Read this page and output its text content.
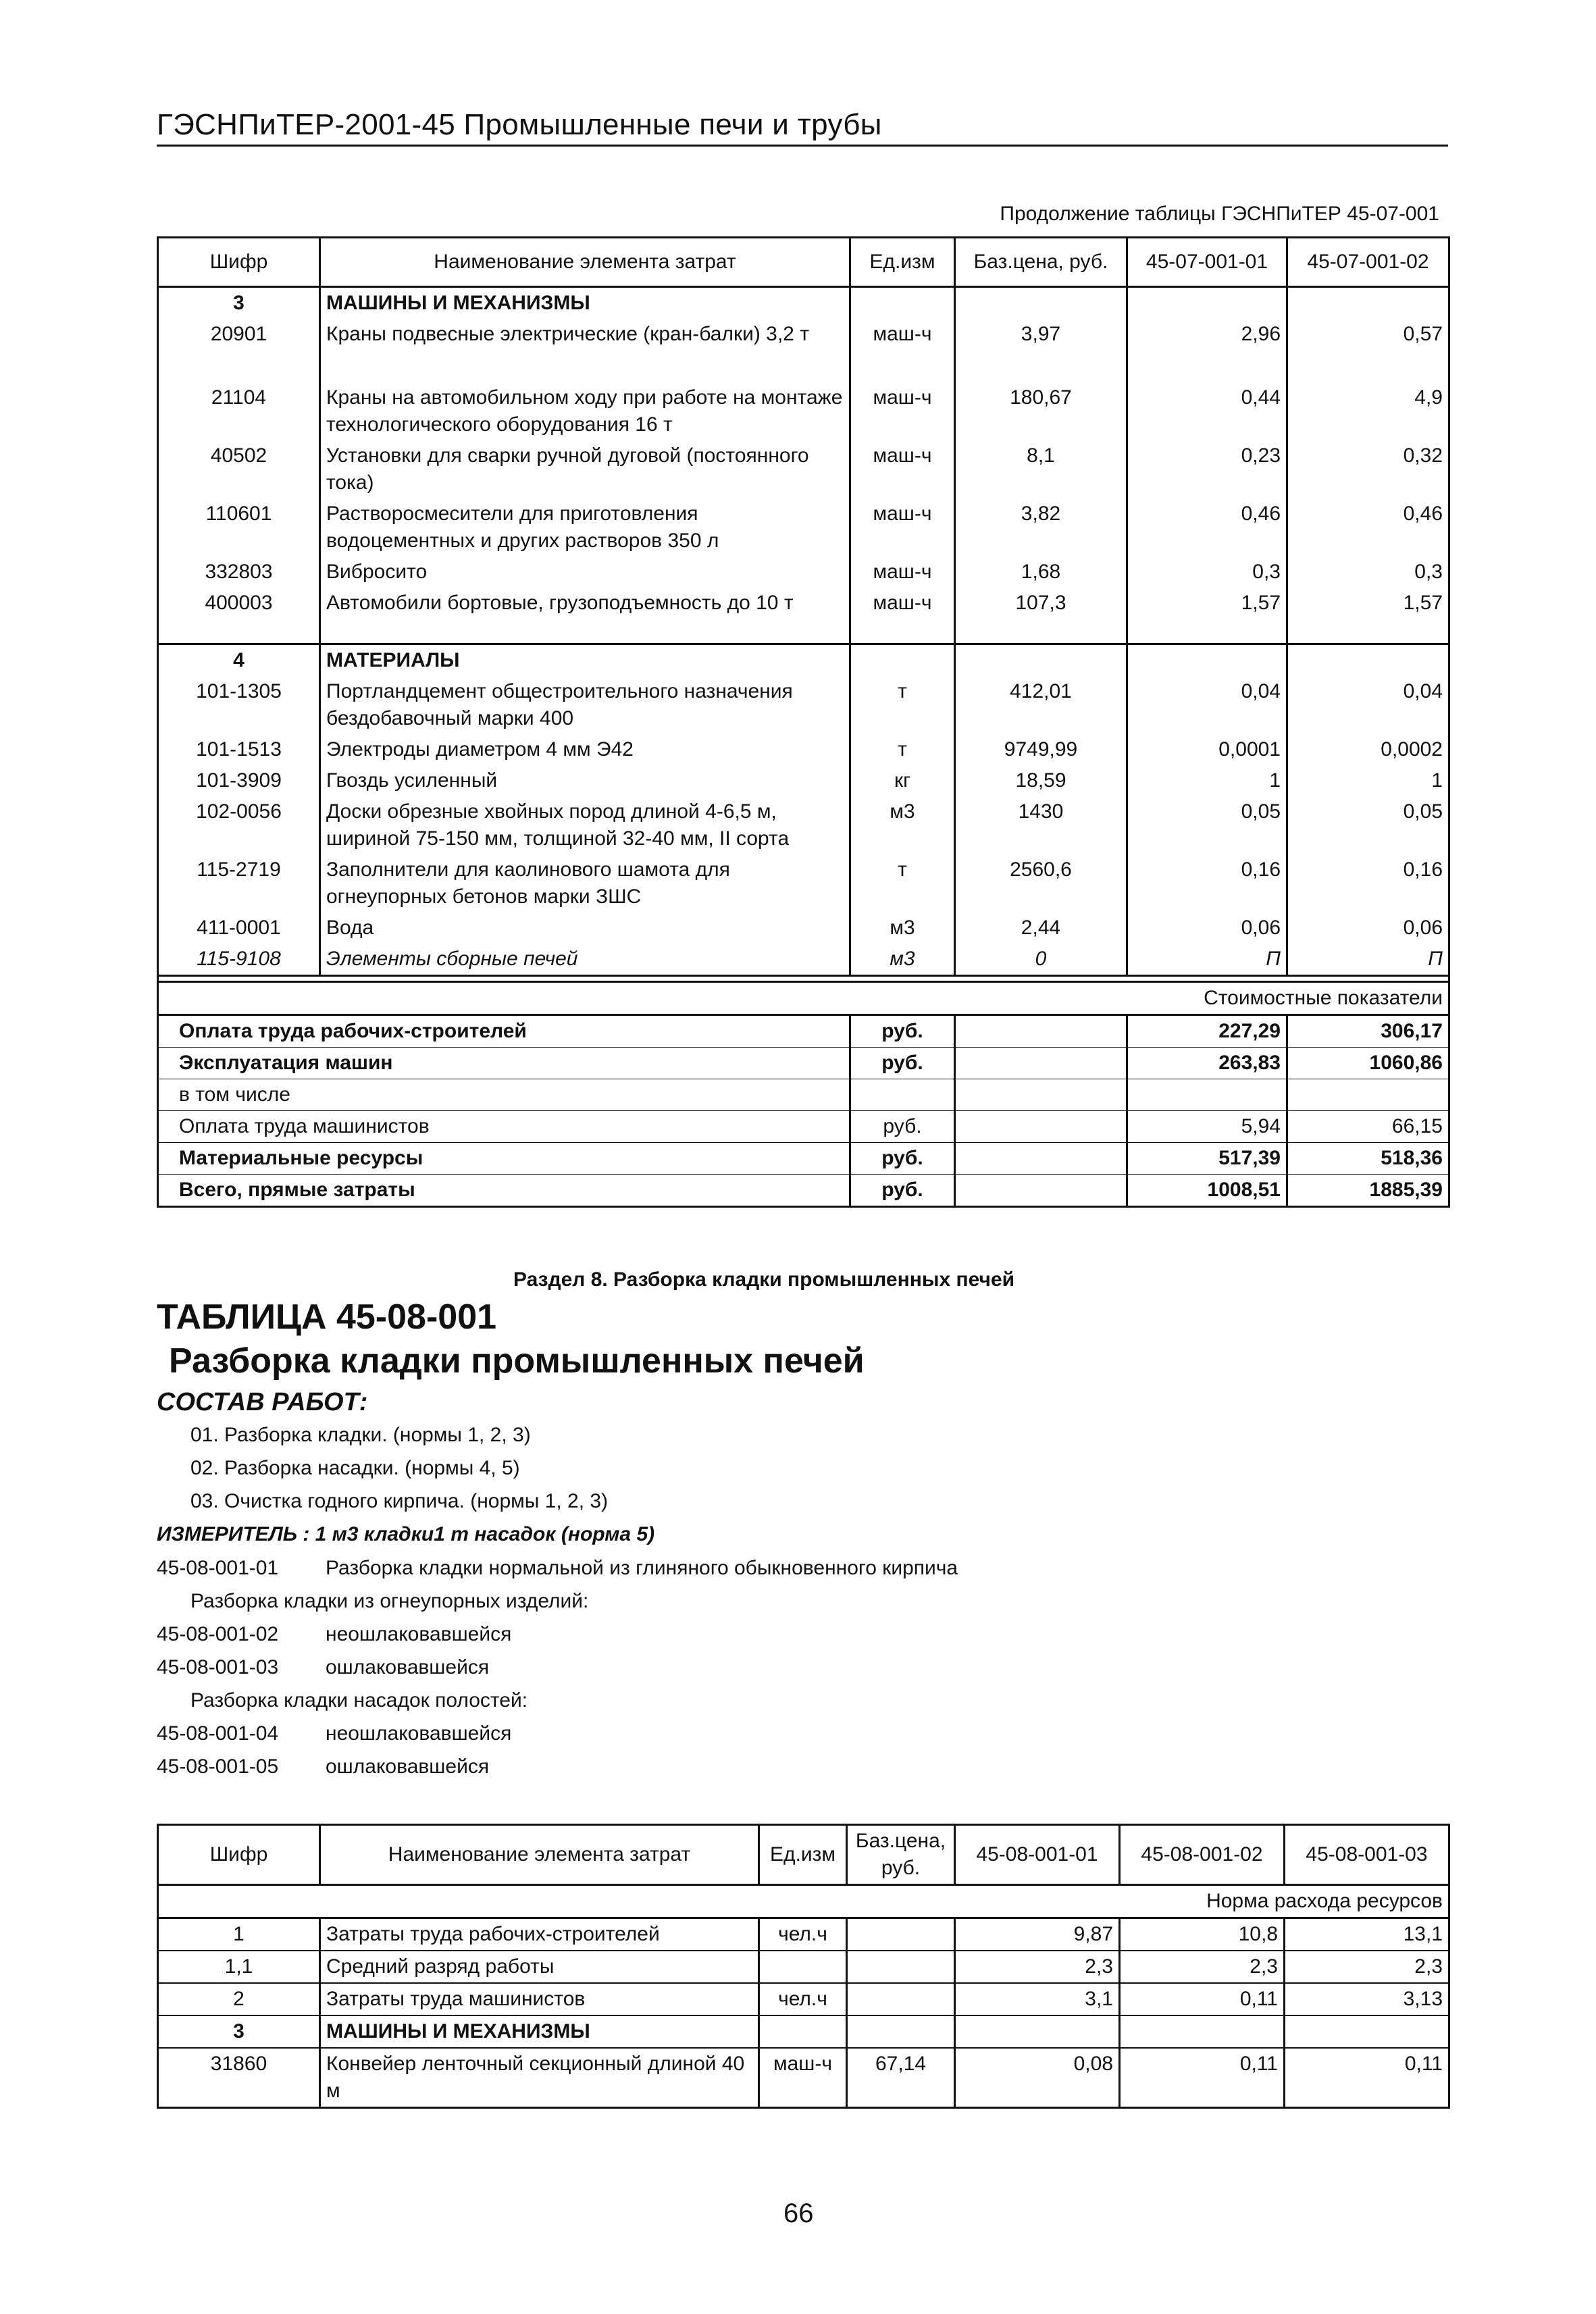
ГЭСНПиТЕР-2001-45 Промышленные печи и трубы
Продолжение таблицы ГЭСНПиТЕР 45-07-001
Шифр	Наименование элемента затрат	Ед.изм	Баз.цена, руб.	45-07-001-01	45-07-001-02
3	МАШИНЫ И МЕХАНИЗМЫ				
20901	Краны подвесные электрические (кран-балки) 3,2 т	маш-ч	3,97	2,96	0,57
21104	Краны на автомобильном ходу при работе на монтаже технологического оборудования 16 т	маш-ч	180,67	0,44	4,9
40502	Установки для сварки ручной дуговой (постоянного тока)	маш-ч	8,1	0,23	0,32
110601	Растворосмесители для приготовления водоцементных и других растворов 350 л	маш-ч	3,82	0,46	0,46
332803	Вибросито	маш-ч	1,68	0,3	0,3
400003	Автомобили бортовые, грузоподъемность до 10 т	маш-ч	107,3	1,57	1,57

4	МАТЕРИАЛЫ				
101-1305	Портландцемент общестроительного назначения бездобавочный марки 400	т	412,01	0,04	0,04
101-1513	Электроды диаметром 4 мм Э42	т	9749,99	0,0001	0,0002
101-3909	Гвоздь усиленный	кг	18,59	1	1
102-0056	Доски обрезные хвойных пород длиной 4-6,5 м, шириной 75-150 мм, толщиной 32-40 мм, II сорта	м3	1430	0,05	0,05
115-2719	Заполнители для каолинового шамота для огнеупорных бетонов марки ЗШС	т	2560,6	0,16	0,16
411-0001	Вода	м3	2,44	0,06	0,06
115-9108	Элементы сборные печей	м3	0	П	П

Стоимостные показатели					
Оплата труда рабочих-строителей		руб.		227,29	306,17
Эксплуатация машин		руб.		263,83	1060,86
в том числе					
Оплата труда машинистов		руб.		5,94	66,15
Материальные ресурсы		руб.		517,39	518,36
Всего, прямые затраты		руб.		1008,51	1885,39
Раздел 8. Разборка кладки промышленных печей
ТАБЛИЦА 45-08-001
Разборка кладки промышленных печей
СОСТАВ РАБОТ:
01. Разборка кладки. (нормы 1, 2, 3)
02. Разборка насадки. (нормы 4, 5)
03. Очистка годного кирпича. (нормы 1, 2, 3)
ИЗМЕРИТЕЛЬ : 1 м3 кладки1 т насадок (норма 5)
45-08-001-01 Разборка кладки нормальной из глиняного обыкновенного кирпича
Разборка кладки из огнеупорных изделий:
45-08-001-02 неошлаковавшейся
45-08-001-03 ошлаковавшейся
Разборка кладки насадок полостей:
45-08-001-04 неошлаковавшейся
45-08-001-05 ошлаковавшейся
Шифр	Наименование элемента затрат	Ед.изм	Баз.цена, руб.	45-08-001-01	45-08-001-02	45-08-001-03
Норма расхода ресурсов						
1	Затраты труда рабочих-строителей	чел.ч		9,87	10,8	13,1
1,1	Средний разряд работы			2,3	2,3	2,3
2	Затраты труда машинистов	чел.ч		3,1	0,11	3,13
3	МАШИНЫ И МЕХАНИЗМЫ					
31860	Конвейер ленточный секционный длиной 40 м	маш-ч	67,14	0,08	0,11	0,11
66
